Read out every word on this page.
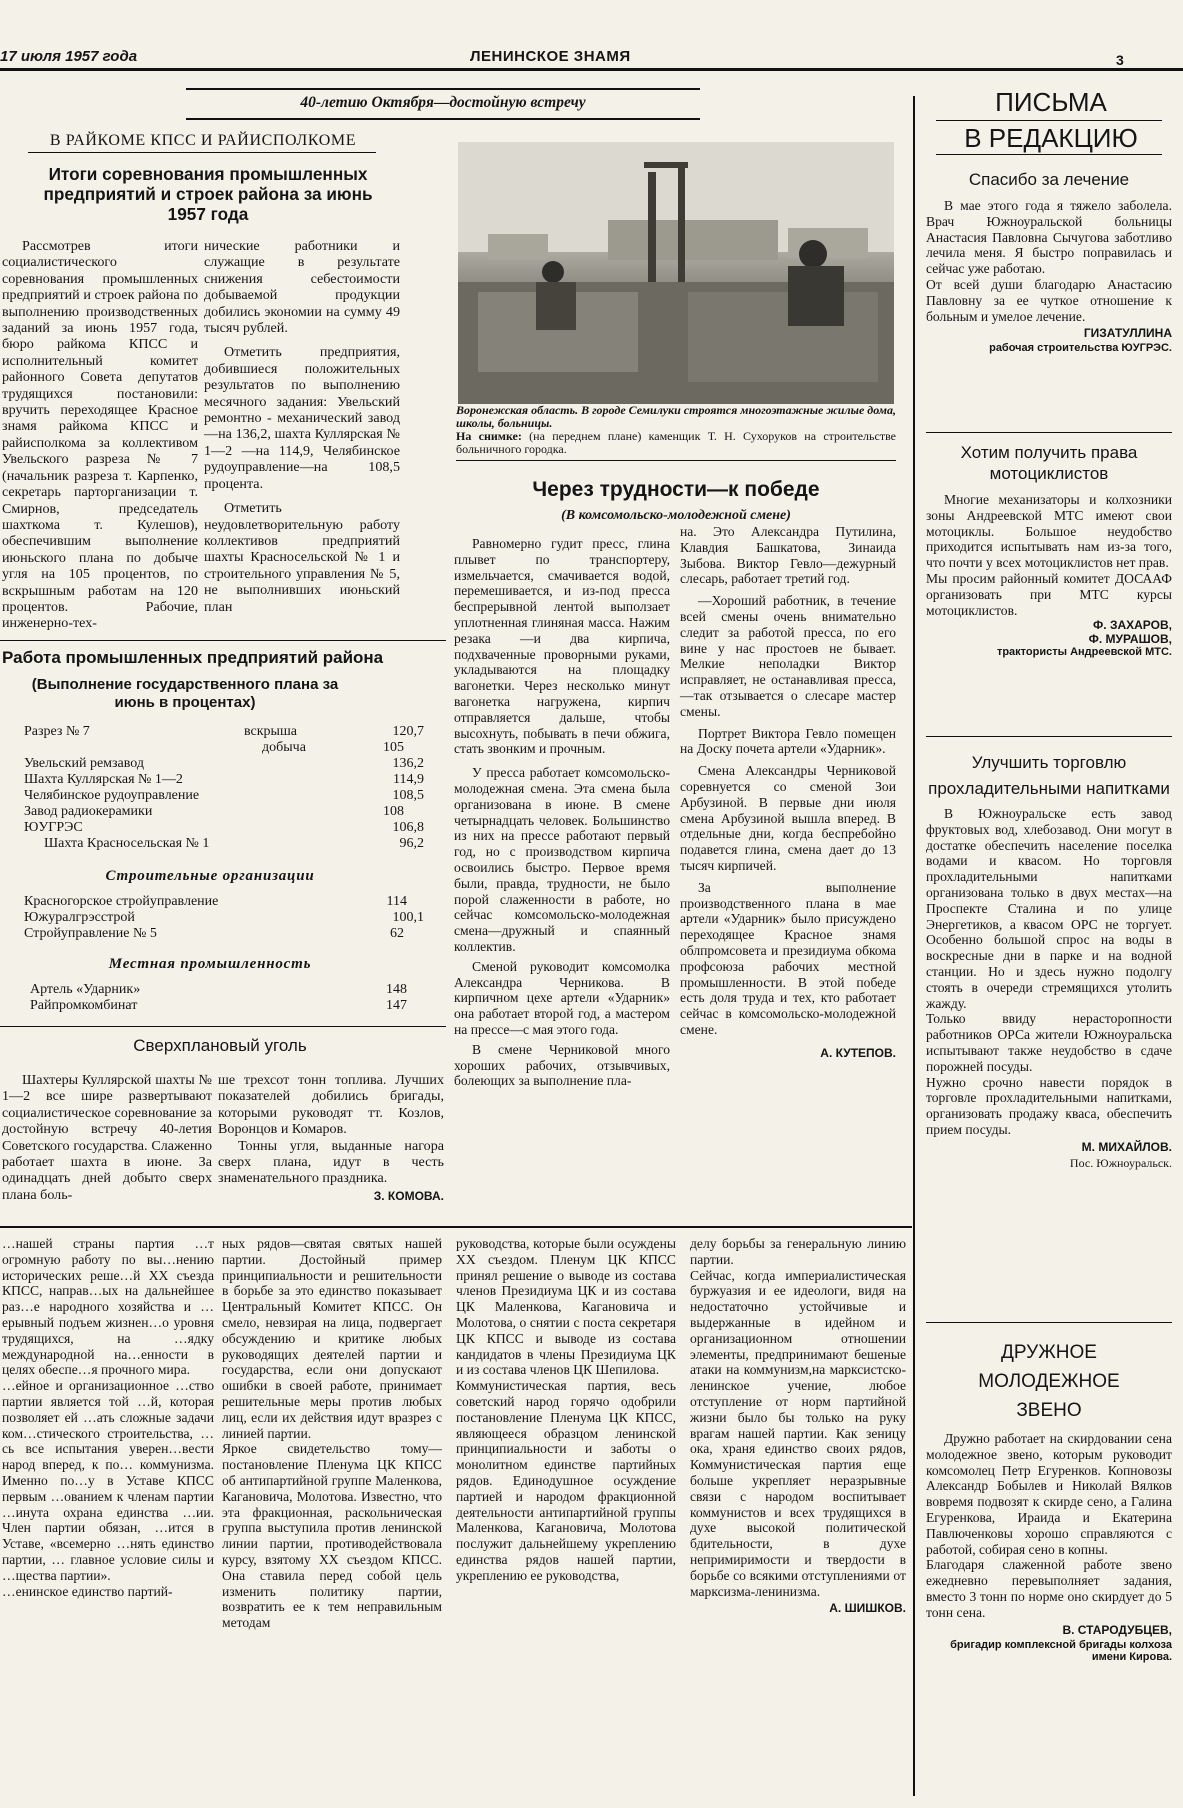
17 июля 1957 года	ЛЕНИНСКОЕ ЗНАМЯ	3
40-летию Октября—достойную встречу
В РАЙКОМЕ КПСС И РАЙИСПОЛКОМЕ
Итоги соревнования промышленных предприятий и строек района за июнь 1957 года

Рассмотрев итоги социалистического соревнования промышленных предприятий и строек района по выполнению производственных заданий за июнь 1957 года, бюро райкома КПСС и исполнительный комитет районного Совета депутатов трудящихся постановили: вручить переходящее Красное знамя райкома КПСС и райисполкома за коллективом Увельского разреза № 7 (начальник разреза т. Карпенко, секретарь парторганизации т. Смирнов, председатель шахткома т. Кулешов), обеспечившим выполнение июньского плана по добыче угля на 105 процентов, по вскрышным работам на 120 процентов. Рабочие, инженерно-тех-

нические работники и служащие в результате снижения себестоимости добываемой продукции добились экономии на сумму 49 тысяч рублей.

Отметить предприятия, добившиеся положительных результатов по выполнению месячного задания: Увельский ремонтно - механический завод—на 136,2, шахта Куллярская № 1—2 —на 114,9, Челябинское рудоуправление—на 108,5 процента.

Отметить неудовлетворительную работу коллективов предприятий шахты Красносельской № 1 и строительного управления № 5, не выполнивших июньский план

Работа промышленных предприятий района
(Выполнение государственного плана за июнь в процентах)
Разрез № 7	вскрыша	120,7
	добыча	105
Увельский ремзавод		136,2
Шахта Куллярская № 1—2		114,9
Челябинское рудоуправление		108,5
Завод радиокерамики		108
ЮУГРЭС		106,8
Шахта Красносельская № 1		96,2
Строительные организации
Красногорское стройуправление	114
Южуралгрэсстрой	100,1
Стройуправление № 5	62
Местная промышленность
Артель «Ударник»	148
Райпромкомбинат	147
Сверхплановый уголь

Шахтеры Куллярской шахты № 1—2 все шире развертывают социалистическое соревнование за достойную встречу 40-летия Советского государства. Слаженно работает шахта в июне. За одинадцать дней добыто сверх плана боль-

ше трехсот тонн топлива. Лучших показателей добились бригады, которыми руководят тт. Козлов, Воронцов и Комаров.

Тонны угля, выданные нагора сверх плана, идут в честь знаменательного праздника.

З. КОМОВА.

Воронежская область. В городе Семилуки строятся многоэтажные жилые дома, школы, больницы.
На снимке: (на переднем плане) каменщик Т. Н. Сухоруков на строительстве больничного городка.

Через трудности—к победе
(В комсомольско-молодежной смене)

Равномерно гудит пресс, глина плывет по транспортеру, измельчается, смачивается водой, перемешивается, и из-под пресса беспрерывной лентой выползает уплотненная глиняная масса. Нажим резака —и два кирпича, подхваченные проворными руками, укладываются на площадку вагонетки. Через несколько минут вагонетка нагружена, кирпич отправляется дальше, чтобы высохнуть, побывать в печи обжига, стать звонким и прочным.

У пресса работает комсомольско-молодежная смена. Эта смена была организована в июне. В смене четырнадцать человек. Большинство из них на прессе работают первый год, но с производством кирпича освоились быстро. Первое время были, правда, трудности, не было порой слаженности в работе, но сейчас комсомольско-молодежная смена—дружный и спаянный коллектив.

Сменой руководит комсомолка Александра Черникова. В кирпичном цехе артели «Ударник» она работает второй год, а мастером на прессе—с мая этого года.

В смене Черниковой много хороших рабочих, отзывчивых, болеющих за выполнение пла-

на. Это Александра Путилина, Клавдия Башкатова, Зинаида Зыбова. Виктор Гевло—дежурный слесарь, работает третий год.

—Хороший работник, в течение всей смены очень внимательно следит за работой пресса, по его вине у нас простоев не бывает. Мелкие неполадки Виктор исправляет, не останавливая пресса,—так отзывается о слесаре мастер смены.

Портрет Виктора Гевло помещен на Доску почета артели «Ударник».

Смена Александры Черниковой соревнуется со сменой Зои Арбузиной. В первые дни июля смена Арбузиной вышла вперед. В отдельные дни, когда беспребойно подавется глина, смена дает до 13 тысяч кирпичей.

За выполнение производственного плана в мае артели «Ударник» было присуждено переходящее Красное знамя облпромсовета и президиума обкома профсоюза рабочих местной промышленности. В этой победе есть доля труда и тех, кто работает сейчас в комсомольско-молодежной смене.

А. КУТЕПОВ.

…нашей страны партия …т огромную работу по вы…нению исторических реше…й XX съезда КПСС, направ…ых на дальнейшее раз…е народного хозяйства и …ерывный подъем жизнен…о уровня трудящихся, на …ядку международной на…енности в целях обеспе…я прочного мира.
…ейное и организационное …ство партии является той …й, которая позволяет ей …ать сложные задачи ком…стического строительства, …сь все испытания уверен…вести народ вперед, к по… коммунизма. Именно по…у в Уставе КПСС первым …ованием к членам партии …инута охрана единства …ии. Член партии обязан, …ится в Уставе, «всемерно …нять единство партии, … главное условие силы и …щества партии».
…енинское единство партий-

ных рядов—святая святых нашей партии. Достойный пример принципиальности и решительности в борьбе за это единство показывает Центральный Комитет КПСС. Он смело, невзирая на лица, подвергает обсуждению и критике любых руководящих деятелей партии и государства, если они допускают ошибки в своей работе, принимает решительные меры против любых лиц, если их действия идут вразрез с линией партии.
Яркое свидетельство тому—постановление Пленума ЦК КПСС об антипартийной группе Маленкова, Кагановича, Молотова. Известно, что эта фракционная, раскольническая группа выступила против ленинской линии партии, противодействовала курсу, взятому XX съездом КПСС. Она ставила перед собой цель изменить политику партии, возвратить ее к тем неправильным методам

руководства, которые были осуждены XX съездом. Пленум ЦК КПСС принял решение о выводе из состава членов Президиума ЦК и из состава ЦК Маленкова, Кагановича и Молотова, о снятии с поста секретаря ЦК КПСС и выводе из состава кандидатов в члены Президиума ЦК и из состава членов ЦК Шепилова.
Коммунистическая партия, весь советский народ горячо одобрили постановление Пленума ЦК КПСС, являющееся образцом ленинской принципиальности и заботы о монолитном единстве партийных рядов. Единодушное осуждение партией и народом фракционной деятельности антипартийной группы Маленкова, Кагановича, Молотова послужит дальнейшему укреплению единства рядов нашей партии, укреплению ее руководства,

делу борьбы за генеральную линию партии.
Сейчас, когда империалистическая буржуазия и ее идеологи, видя на недостаточно устойчивые и выдержанные в идейном и организационном отношении элементы, предпринимают бешеные атаки на коммунизм,на марксистско-ленинское учение, любое отступление от норм партийной жизни было бы только на руку врагам нашей партии. Как зеницу ока, храня единство своих рядов, Коммунистическая партия еще больше укрепляет неразрывные связи с народом воспитывает коммунистов и всех трудящихся в духе высокой политической бдительности, в духе непримиримости и твердости в борьбе со всякими отступлениями от марксизма-ленинизма.

А. ШИШКОВ.
ПИСЬМА
В РЕДАКЦИЮ
Спасибо за лечение

В мае этого года я тяжело заболела. Врач Южноуральской больницы Анастасия Павловна Сычугова заботливо лечила меня. Я быстро поправилась и сейчас уже работаю.
От всей души благодарю Анастасию Павловну за ее чуткое отношение к больным и умелое лечение.

ГИЗАТУЛЛИНА
рабочая строительства ЮУГРЭС.
Хотим получить права мотоциклистов

Многие механизаторы и колхозники зоны Андреевской МТС имеют свои мотоциклы. Большое неудобство приходится испытывать нам из-за того, что почти у всех мотоциклистов нет прав.
Мы просим районный комитет ДОСААФ организовать при МТС курсы мотоциклистов.

Ф. ЗАХАРОВ,
Ф. МУРАШОВ,
трактористы Андреевской МТС.
Улучшить торговлю прохладительными напитками

В Южноуральске есть завод фруктовых вод, хлебозавод. Они могут в достатке обеспечить население поселка водами и квасом. Но торговля прохладительными напитками организована только в двух местах—на Проспекте Сталина и по улице Энергетиков, а квасом ОРС не торгует. Особенно большой спрос на воды в воскресные дни в парке и на водной станции. Но и здесь нужно подолгу стоять в очереди стремящихся утолить жажду.
Только ввиду нерасторопности работников ОРСа жители Южноуральска испытывают также неудобство в сдаче порожней посуды.
Нужно срочно навести порядок в торговле прохладительными напитками, организовать продажу кваса, обеспечить прием посуды.

М. МИХАЙЛОВ.
Пос. Южноуральск.
ДРУЖНОЕ
МОЛОДЕЖНОЕ
ЗВЕНО

Дружно работает на скирдовании сена молодежное звено, которым руководит комсомолец Петр Егуренков. Копновозы Александр Бобылев и Николай Вялков вовремя подвозят к скирде сено, а Галина Егуренкова, Ираида и Екатерина Павлюченковы хорошо справляются с работой, собирая сено в копны.
Благодаря слаженной работе звено ежедневно перевыполняет задания, вместо 3 тонн по норме оно скирдует до 5 тонн сена.

В. СТАРОДУБЦЕВ,
бригадир комплексной бригады колхоза имени Кирова.
